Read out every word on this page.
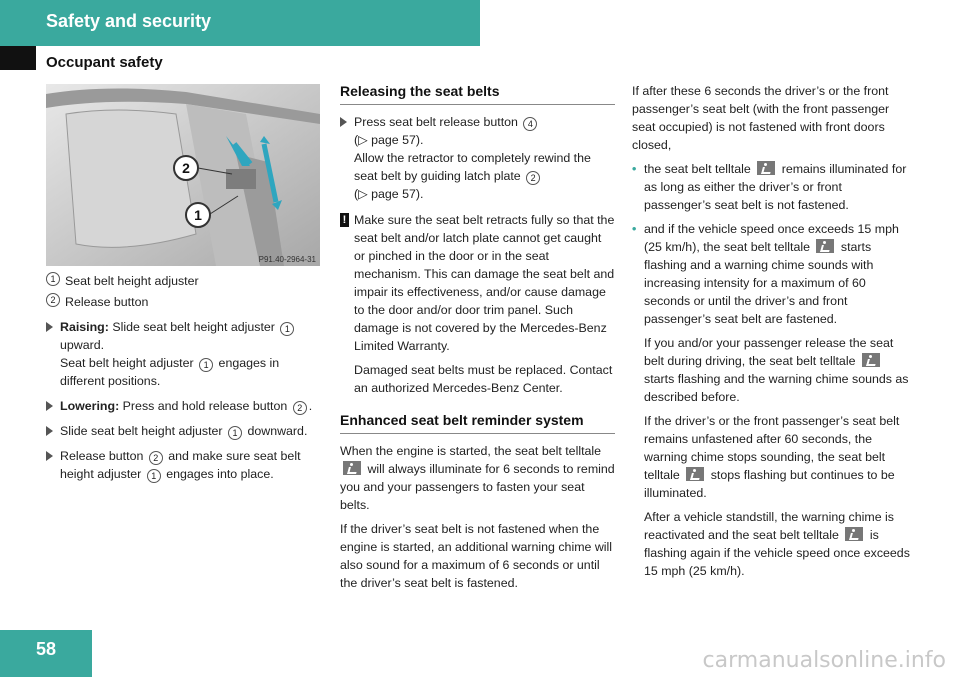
Safety and security
Occupant safety
2
1
P91.40-2964-31
1 Seat belt height adjuster
2 Release button
Raising: Slide seat belt height adjuster 1 upward.
Seat belt height adjuster 1 engages in different positions.
Lowering: Press and hold release button 2 .
Slide seat belt height adjuster 1 downward.
Release button 2 and make sure seat belt height adjuster 1 engages into place.
Releasing the seat belts
Press seat belt release button 4
(▷ page 57).
Allow the retractor to completely rewind the seat belt by guiding latch plate 2
(▷ page 57).
! Make sure the seat belt retracts fully so that the seat belt and/or latch plate cannot get caught or pinched in the door or in the seat mechanism. This can damage the seat belt and impair its effectiveness, and/or cause damage to the door and/or door trim panel. Such damage is not covered by the Mercedes-Benz Limited Warranty.

Damaged seat belts must be replaced. Contact an authorized Mercedes-Benz Center.

Enhanced seat belt reminder system

When the engine is started, the seat belt telltale  will always illuminate for 6 seconds to remind you and your passengers to fasten your seat belts.

If the driver’s seat belt is not fastened when the engine is started, an additional warning chime will also sound for a maximum of 6 seconds or until the driver’s seat belt is fastened.

If after these 6 seconds the driver’s or the front passenger’s seat belt (with the front passenger seat occupied) is not fastened with front doors closed,

• the seat belt telltale remains illuminated for as long as either the driver’s or front passenger’s seat belt is not fastened.
• and if the vehicle speed once exceeds 15 mph (25 km/h), the seat belt telltale starts flashing and a warning chime sounds with increasing intensity for a maximum of 60 seconds or until the driver’s and front passenger’s seat belt are fastened.

If you and/or your passenger release the seat belt during driving, the seat belt telltale  starts flashing and the warning chime sounds as described before.

If the driver’s or the front passenger’s seat belt remains unfastened after 60 seconds, the warning chime stops sounding, the seat belt telltale stops flashing but continues to be illuminated.

After a vehicle standstill, the warning chime is reactivated and the seat belt telltale is flashing again if the vehicle speed once exceeds 15 mph (25 km/h).

58	carmanualsonline.info
